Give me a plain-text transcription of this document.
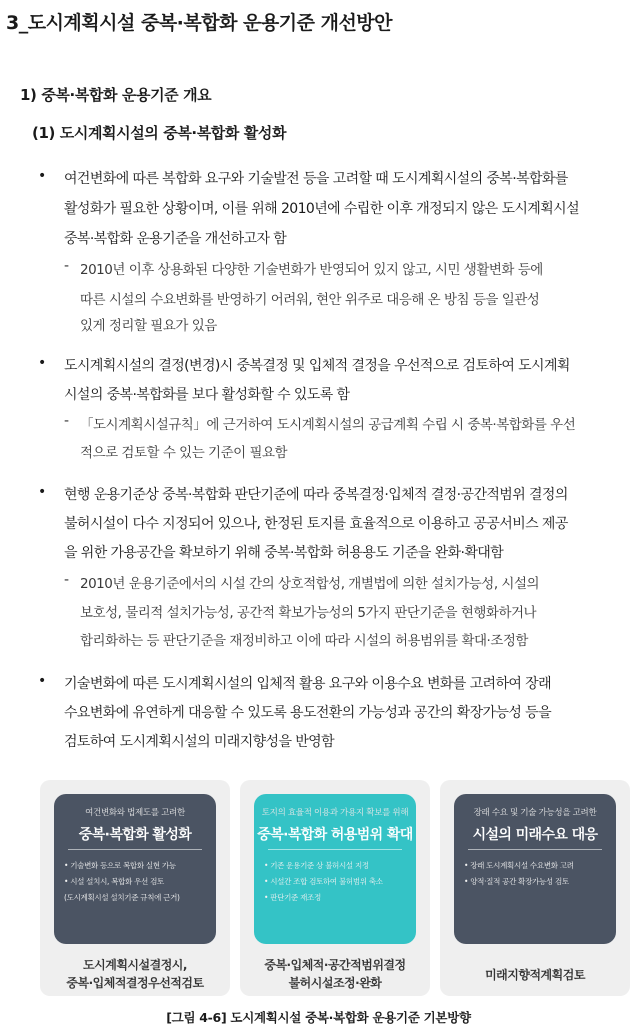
3_도시계획시설 중복·복합화 운용기준 개선방안
1) 중복·복합화 운용기준 개요
(1) 도시계획시설의 중복·복합화 활성화
• 여건변화에 따른 복합화 요구와 기술발전 등을 고려할 때 도시계획시설의 중복·복합화를
활성화가 필요한 상황이며, 이를 위해 2010년에 수립한 이후 개정되지 않은 도시계획시설
중복·복합화 운용기준을 개선하고자 함
- 2010년 이후 상용화된 다양한 기술변화가 반영되어 있지 않고, 시민 생활변화 등에
따른 시설의 수요변화를 반영하기 어려워, 현안 위주로 대응해 온 방침 등을 일관성
있게 정리할 필요가 있음
• 도시계획시설의 결정(변경)시 중복결정 및 입체적 결정을 우선적으로 검토하여 도시계획
시설의 중복·복합화를 보다 활성화할 수 있도록 함
- 「도시계획시설규칙」에 근거하여 도시계획시설의 공급계획 수립 시 중복·복합화를 우선
적으로 검토할 수 있는 기준이 필요함
• 현행 운용기준상 중복·복합화 판단기준에 따라 중복결정·입체적 결정·공간적범위 결정의
불허시설이 다수 지정되어 있으나, 한정된 토지를 효율적으로 이용하고 공공서비스 제공
을 위한 가용공간을 확보하기 위해 중복·복합화 허용용도 기준을 완화·확대함
- 2010년 운용기준에서의 시설 간의 상호적합성, 개별법에 의한 설치가능성, 시설의
보호성, 물리적 설치가능성, 공간적 확보가능성의 5가지 판단기준을 현행화하거나
합리화하는 등 판단기준을 재정비하고 이에 따라 시설의 허용범위를 확대·조정함
• 기술변화에 따른 도시계획시설의 입체적 활용 요구와 이용수요 변화를 고려하여 장래
수요변화에 유연하게 대응할 수 있도록 용도전환의 가능성과 공간의 확장가능성 등을
검토하여 도시계획시설의 미래지향성을 반영함
여건변화와 법제도를 고려한
중복·복합화 활성화
• 기술변화 등으로 복합화 실현 가능
• 시설 설치시, 복합화 우선 검토
(도시계획시설 설치기준 규칙에 근거)
도시계획시설결정시,
중복·입체적결정우선적검토
토지의 효율적 이용과 가용지 확보를 위해
중복·복합화 허용범위 확대
• 기존 운용기준 상 불허시설 지정
• 시설간 조합 검토하여 불허범위 축소
• 판단기준 재조정
중복·입체적·공간적범위결정
불허시설조정·완화
장래 수요 및 기술 가능성을 고려한
시설의 미래수요 대응
• 장래 도시계획시설 수요변화 고려
• 양적·질적 공간 확장가능성 검토
미래지향적계획검토
[그림 4-6] 도시계획시설 중복·복합화 운용기준 기본방향
